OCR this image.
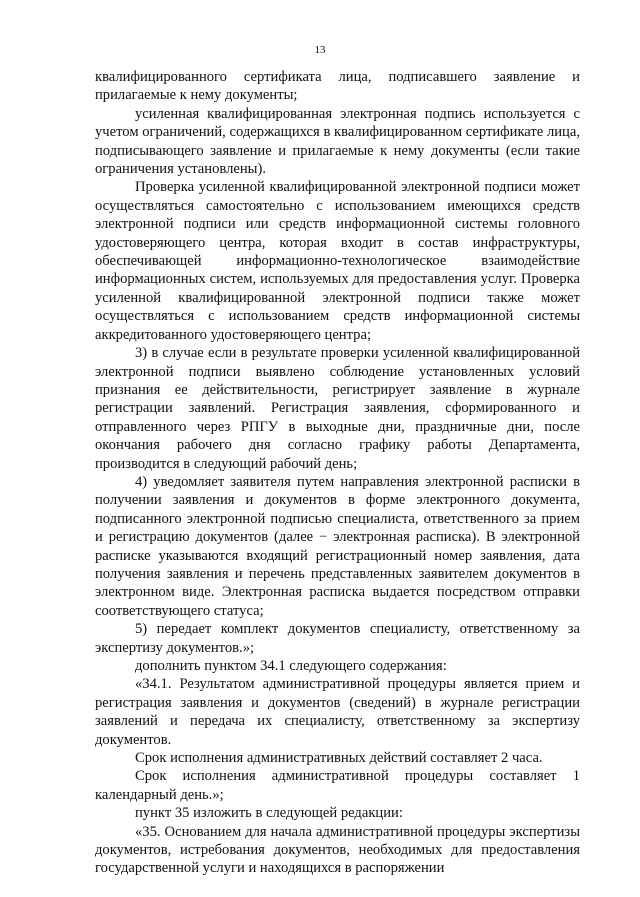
13

квалифицированного сертификата лица, подписавшего заявление и прилагаемые к нему документы;

усиленная квалифицированная электронная подпись используется с учетом ограничений, содержащихся в квалифицированном сертификате лица, подписывающего заявление и прилагаемые к нему документы (если такие ограничения установлены).

Проверка усиленной квалифицированной электронной подписи может осуществляться самостоятельно с использованием имеющихся средств электронной подписи или средств информационной системы головного удостоверяющего центра, которая входит в состав инфраструктуры, обеспечивающей информационно-технологическое взаимодействие информационных систем, используемых для предоставления услуг. Проверка усиленной квалифицированной электронной подписи также может осуществляться с использованием средств информационной системы аккредитованного удостоверяющего центра;

3) в случае если в результате проверки усиленной квалифицированной электронной подписи выявлено соблюдение установленных условий признания ее действительности, регистрирует заявление в журнале регистрации заявлений. Регистрация заявления, сформированного и отправленного через РПГУ в выходные дни, праздничные дни, после окончания рабочего дня согласно графику работы Департамента, производится в следующий рабочий день;

4) уведомляет заявителя путем направления электронной расписки в получении заявления и документов в форме электронного документа, подписанного электронной подписью специалиста, ответственного за прием и регистрацию документов (далее − электронная расписка). В электронной расписке указываются входящий регистрационный номер заявления, дата получения заявления и перечень представленных заявителем документов в электронном виде. Электронная расписка выдается посредством отправки соответствующего статуса;

5) передает комплект документов специалисту, ответственному за экспертизу документов.»;

дополнить пунктом 34.1 следующего содержания:

«34.1. Результатом административной процедуры является прием и регистрация заявления и документов (сведений) в журнале регистрации заявлений и передача их специалисту, ответственному за экспертизу документов.

Срок исполнения административных действий составляет 2 часа.

Срок исполнения административной процедуры составляет 1 календарный день.»;

пункт 35 изложить в следующей редакции:

«35. Основанием для начала административной процедуры экспертизы документов, истребования документов, необходимых для предоставления государственной услуги и находящихся в распоряжении
